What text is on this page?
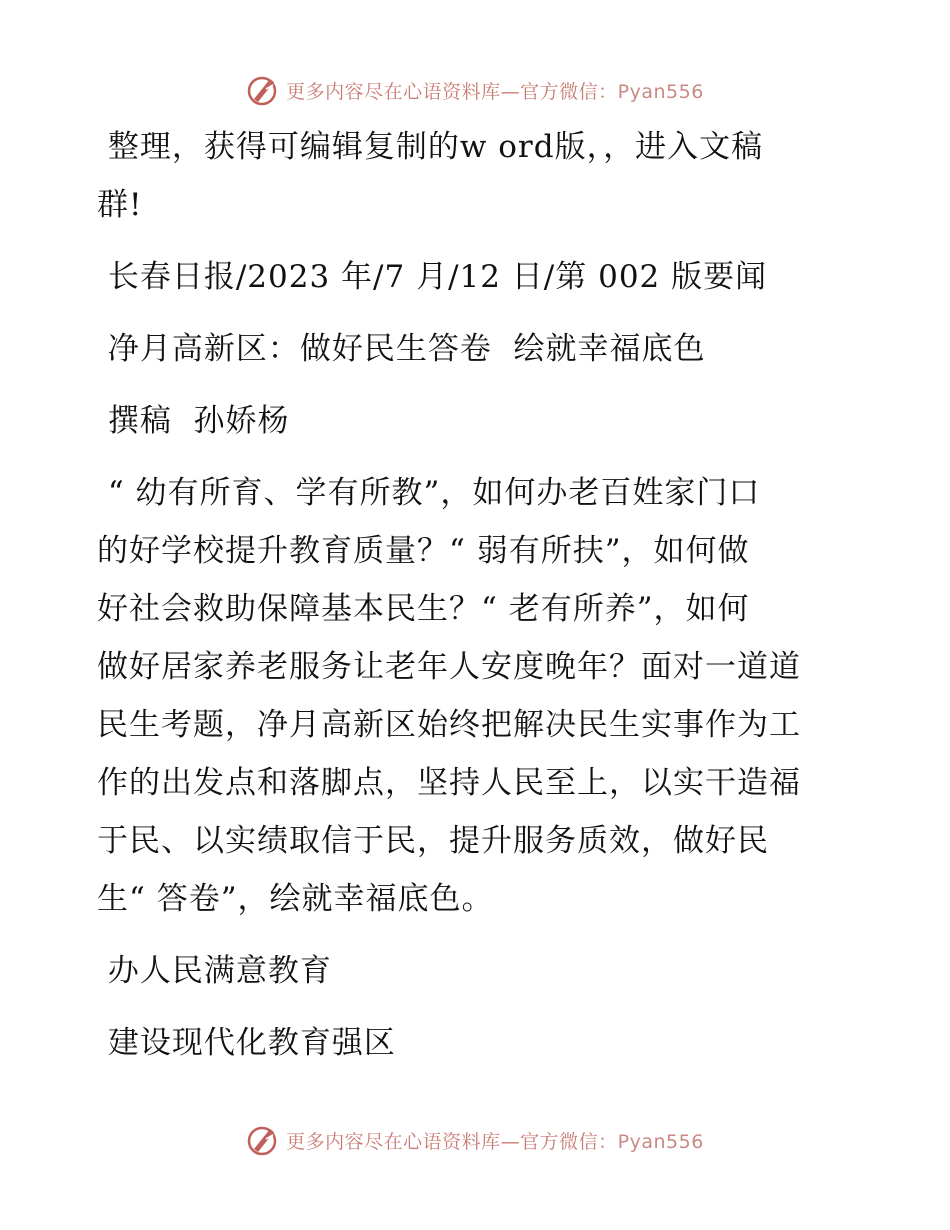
更多内容尽在心语资料库—官方微信：Pyan556

整理，获得可编辑复制的w ord版，，进入文稿

群!

长春日报/2023 年/7 月/12 日/第 002 版要闻

净月高新区：做好民生答卷  绘就幸福底色

撰稿  孙娇杨

“ 幼有所育、学有所教”，如何办老百姓家门口

的好学校提升教育质量？“ 弱有所扶”，如何做

好社会救助保障基本民生？“ 老有所养”，如何

做好居家养老服务让老年人安度晚年？面对一道道

民生考题，净月高新区始终把解决民生实事作为工

作的出发点和落脚点，坚持人民至上，以实干造福

于民、以实绩取信于民，提升服务质效，做好民

生“ 答卷”，绘就幸福底色。

办人民满意教育

建设现代化教育强区

更多内容尽在心语资料库—官方微信：Pyan556
